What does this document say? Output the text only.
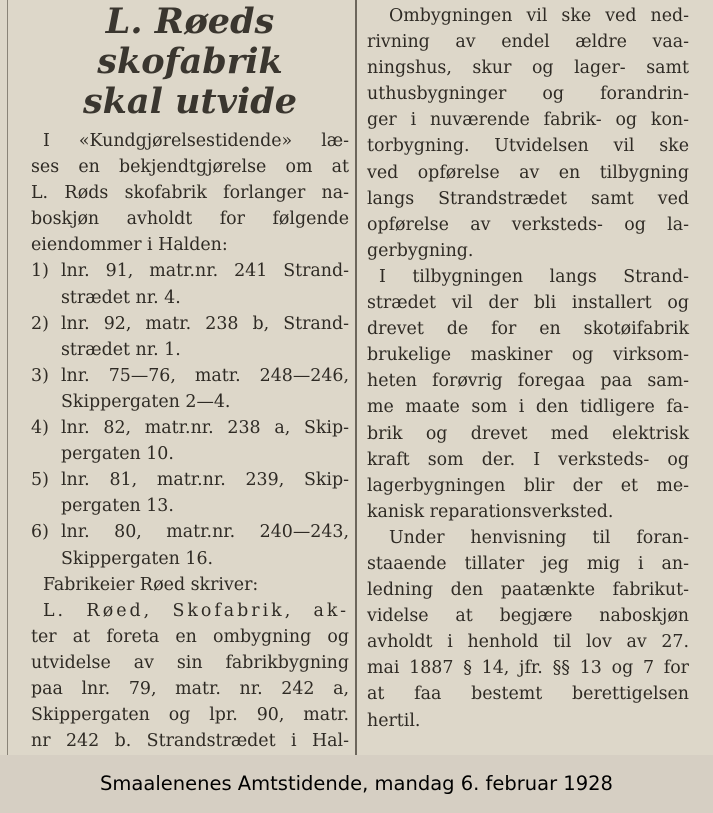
L. Røeds skofabrik
skal utvide
I «Kundgjørelsestidende» læ-
ses en bekjendtgjørelse om at
L. Røds skofabrik forlanger na-
boskjøn avholdt for følgende
eiendommer i Halden:
1) lnr. 91, matr.nr. 241 Strand-
strædet nr. 4.
2) lnr. 92, matr. 238 b, Strand-
strædet nr. 1.
3) lnr. 75—76, matr. 248—246,
Skippergaten 2—4.
4) lnr. 82, matr.nr. 238 a, Skip-
pergaten 10.
5) lnr. 81, matr.nr. 239, Skip-
pergaten 13.
6) lnr. 80, matr.nr. 240—243,
Skippergaten 16.
Fabrikeier Røed skriver:
L. Røed, Skofabrik, ak-
ter at foreta en ombygning og
utvidelse av sin fabrikbygning
paa lnr. 79, matr. nr. 242 a,
Skippergaten og lpr. 90, matr.
nr 242 b. Strandstrædet i Hal-
Ombygningen vil ske ved ned-
rivning av endel ældre vaa-
ningshus, skur og lager- samt
uthusbygninger og forandrin-
ger i nuværende fabrik- og kon-
torbygning. Utvidelsen vil ske
ved opførelse av en tilbygning
langs Strandstrædet samt ved
opførelse av verksteds- og la-
gerbygning.
I tilbygningen langs Strand-
strædet vil der bli installert og
drevet de for en skotøifabrik
brukelige maskiner og virksom-
heten forøvrig foregaa paa sam-
me maate som i den tidligere fa-
brik og drevet med elektrisk
kraft som der. I verksteds- og
lagerbygningen blir der et me-
kanisk reparationsverksted.
Under henvisning til foran-
staaende tillater jeg mig i an-
ledning den paatænkte fabrikut-
videlse at begjære naboskjøn
avholdt i henhold til lov av 27.
mai 1887 § 14, jfr. §§ 13 og 7 for
at faa bestemt berettigelsen
hertil.
Smaalenenes Amtstidende, mandag 6. februar 1928
